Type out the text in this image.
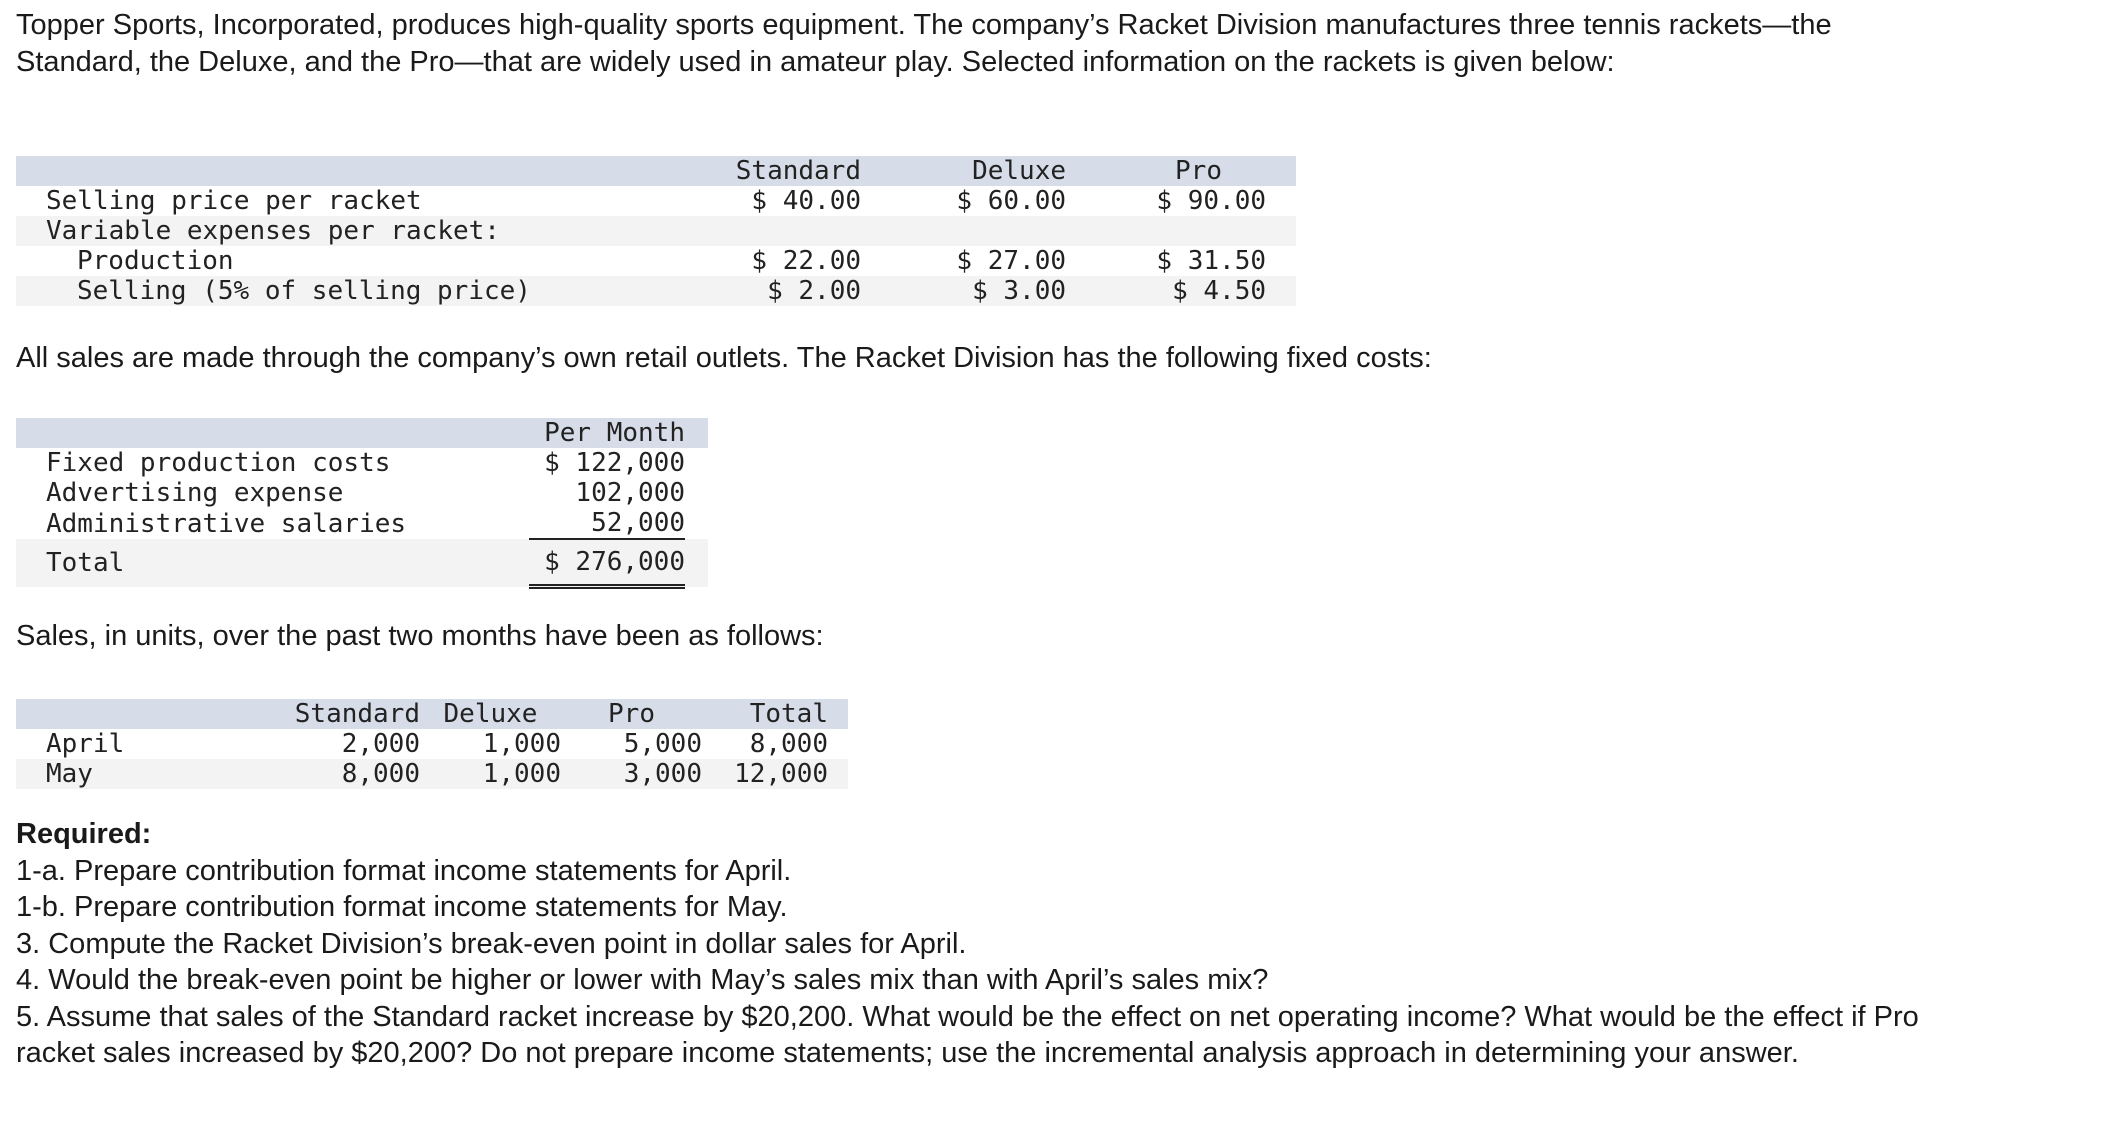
Topper Sports, Incorporated, produces high-quality sports equipment. The company’s Racket Division manufactures three tennis rackets—the Standard, the Deluxe, and the Pro—that are widely used in amateur play. Selected information on the rackets is given below:

	Standard	Deluxe	Pro	
Selling price per racket	$ 40.00	$ 60.00	$ 90.00	
Variable expenses per racket:				
Production	$ 22.00	$ 27.00	$ 31.50	
Selling (5% of selling price)	$ 2.00	$ 3.00	$ 4.50	

All sales are made through the company’s own retail outlets. The Racket Division has the following fixed costs:

	Per Month	
Fixed production costs	$ 122,000	
Advertising expense	102,000	
Administrative salaries	52,000	
Total	$ 276,000	

Sales, in units, over the past two months have been as follows:

	Standard	Deluxe	Pro	Total	
April	2,000	1,000	5,000	8,000	
May	8,000	1,000	3,000	12,000	
Required:
1-a. Prepare contribution format income statements for April.
1-b. Prepare contribution format income statements for May.
3. Compute the Racket Division’s break-even point in dollar sales for April.
4. Would the break-even point be higher or lower with May’s sales mix than with April’s sales mix?
5. Assume that sales of the Standard racket increase by $20,200. What would be the effect on net operating income? What would be the effect if Pro racket sales increased by $20,200? Do not prepare income statements; use the incremental analysis approach in determining your answer.
